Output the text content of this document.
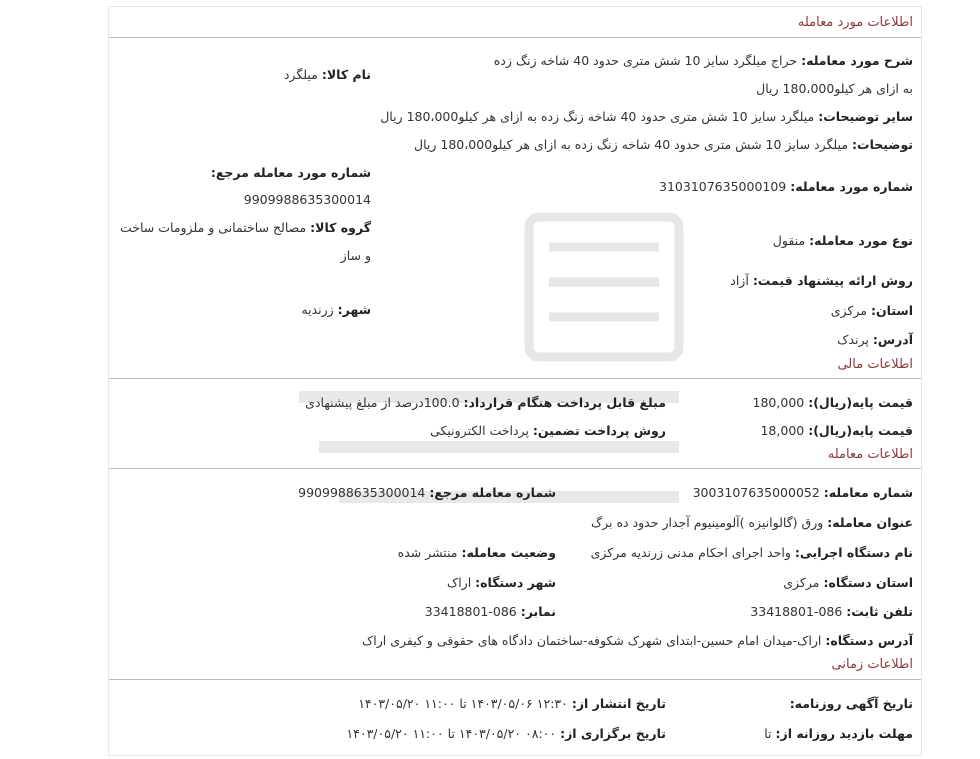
اطلاعات مورد معامله
شرح مورد معامله: حراج میلگرد سایز 10 شش متری حدود 40 شاخه زنگ زده به ازای هر کیلو180،000 ریال
سایر توضیحات: میلگرد سایز 10 شش متری حدود 40 شاخه زنگ زده به ازای هر کیلو180،000 ریال
توضیحات: میلگرد سایز 10 شش متری حدود 40 شاخه زنگ زده به ازای هر کیلو180،000 ریال
شماره مورد معامله: 3103107635000109
نوع مورد معامله: منقول
روش ارائه پیشنهاد قیمت: آزاد
استان: مرکزی
آدرس: پرندک
نام کالا: میلگرد
شماره مورد معامله مرجع:
9909988635300014
گروه کالا: مصالح ساختمانی و ملزومات ساخت و ساز
شهر: زرندیه
اطلاعات مالی
قیمت پایه(ریال): 180,000
قیمت پایه(ریال): 18,000
مبلغ قابل پرداخت هنگام قرارداد: 100.0درصد از مبلغ پیشنهادی
روش پرداخت تضمین: پرداخت الکترونیکی
اطلاعات معامله
شماره معامله: 3003107635000052
شماره معامله مرجع: 9909988635300014
عنوان معامله: ورق (گالوانیزه )آلومینیوم آجدار حدود ده برگ
نام دستگاه اجرایی: واحد اجرای احکام مدنی زرندیه مرکزی
وضعیت معامله: منتشر شده
استان دستگاه: مرکزی
شهر دستگاه: اراک
تلفن ثابت: 086-33418801
نمابر: 086-33418801
آدرس دستگاه: اراک-میدان امام حسین-ابتدای شهرک شکوفه-ساختمان دادگاه های حقوقی و کیفری اراک
اطلاعات زمانی
تاریخ آگهی روزنامه:
تاریخ انتشار از: ۱۲:۳۰ ۱۴۰۳/۰۵/۰۶ تا ۱۱:۰۰ ۱۴۰۳/۰۵/۲۰
مهلت بازدید روزانه از: تا
تاریخ برگزاری از: ۰۸:۰۰ ۱۴۰۳/۰۵/۲۰ تا ۱۱:۰۰ ۱۴۰۳/۰۵/۲۰
